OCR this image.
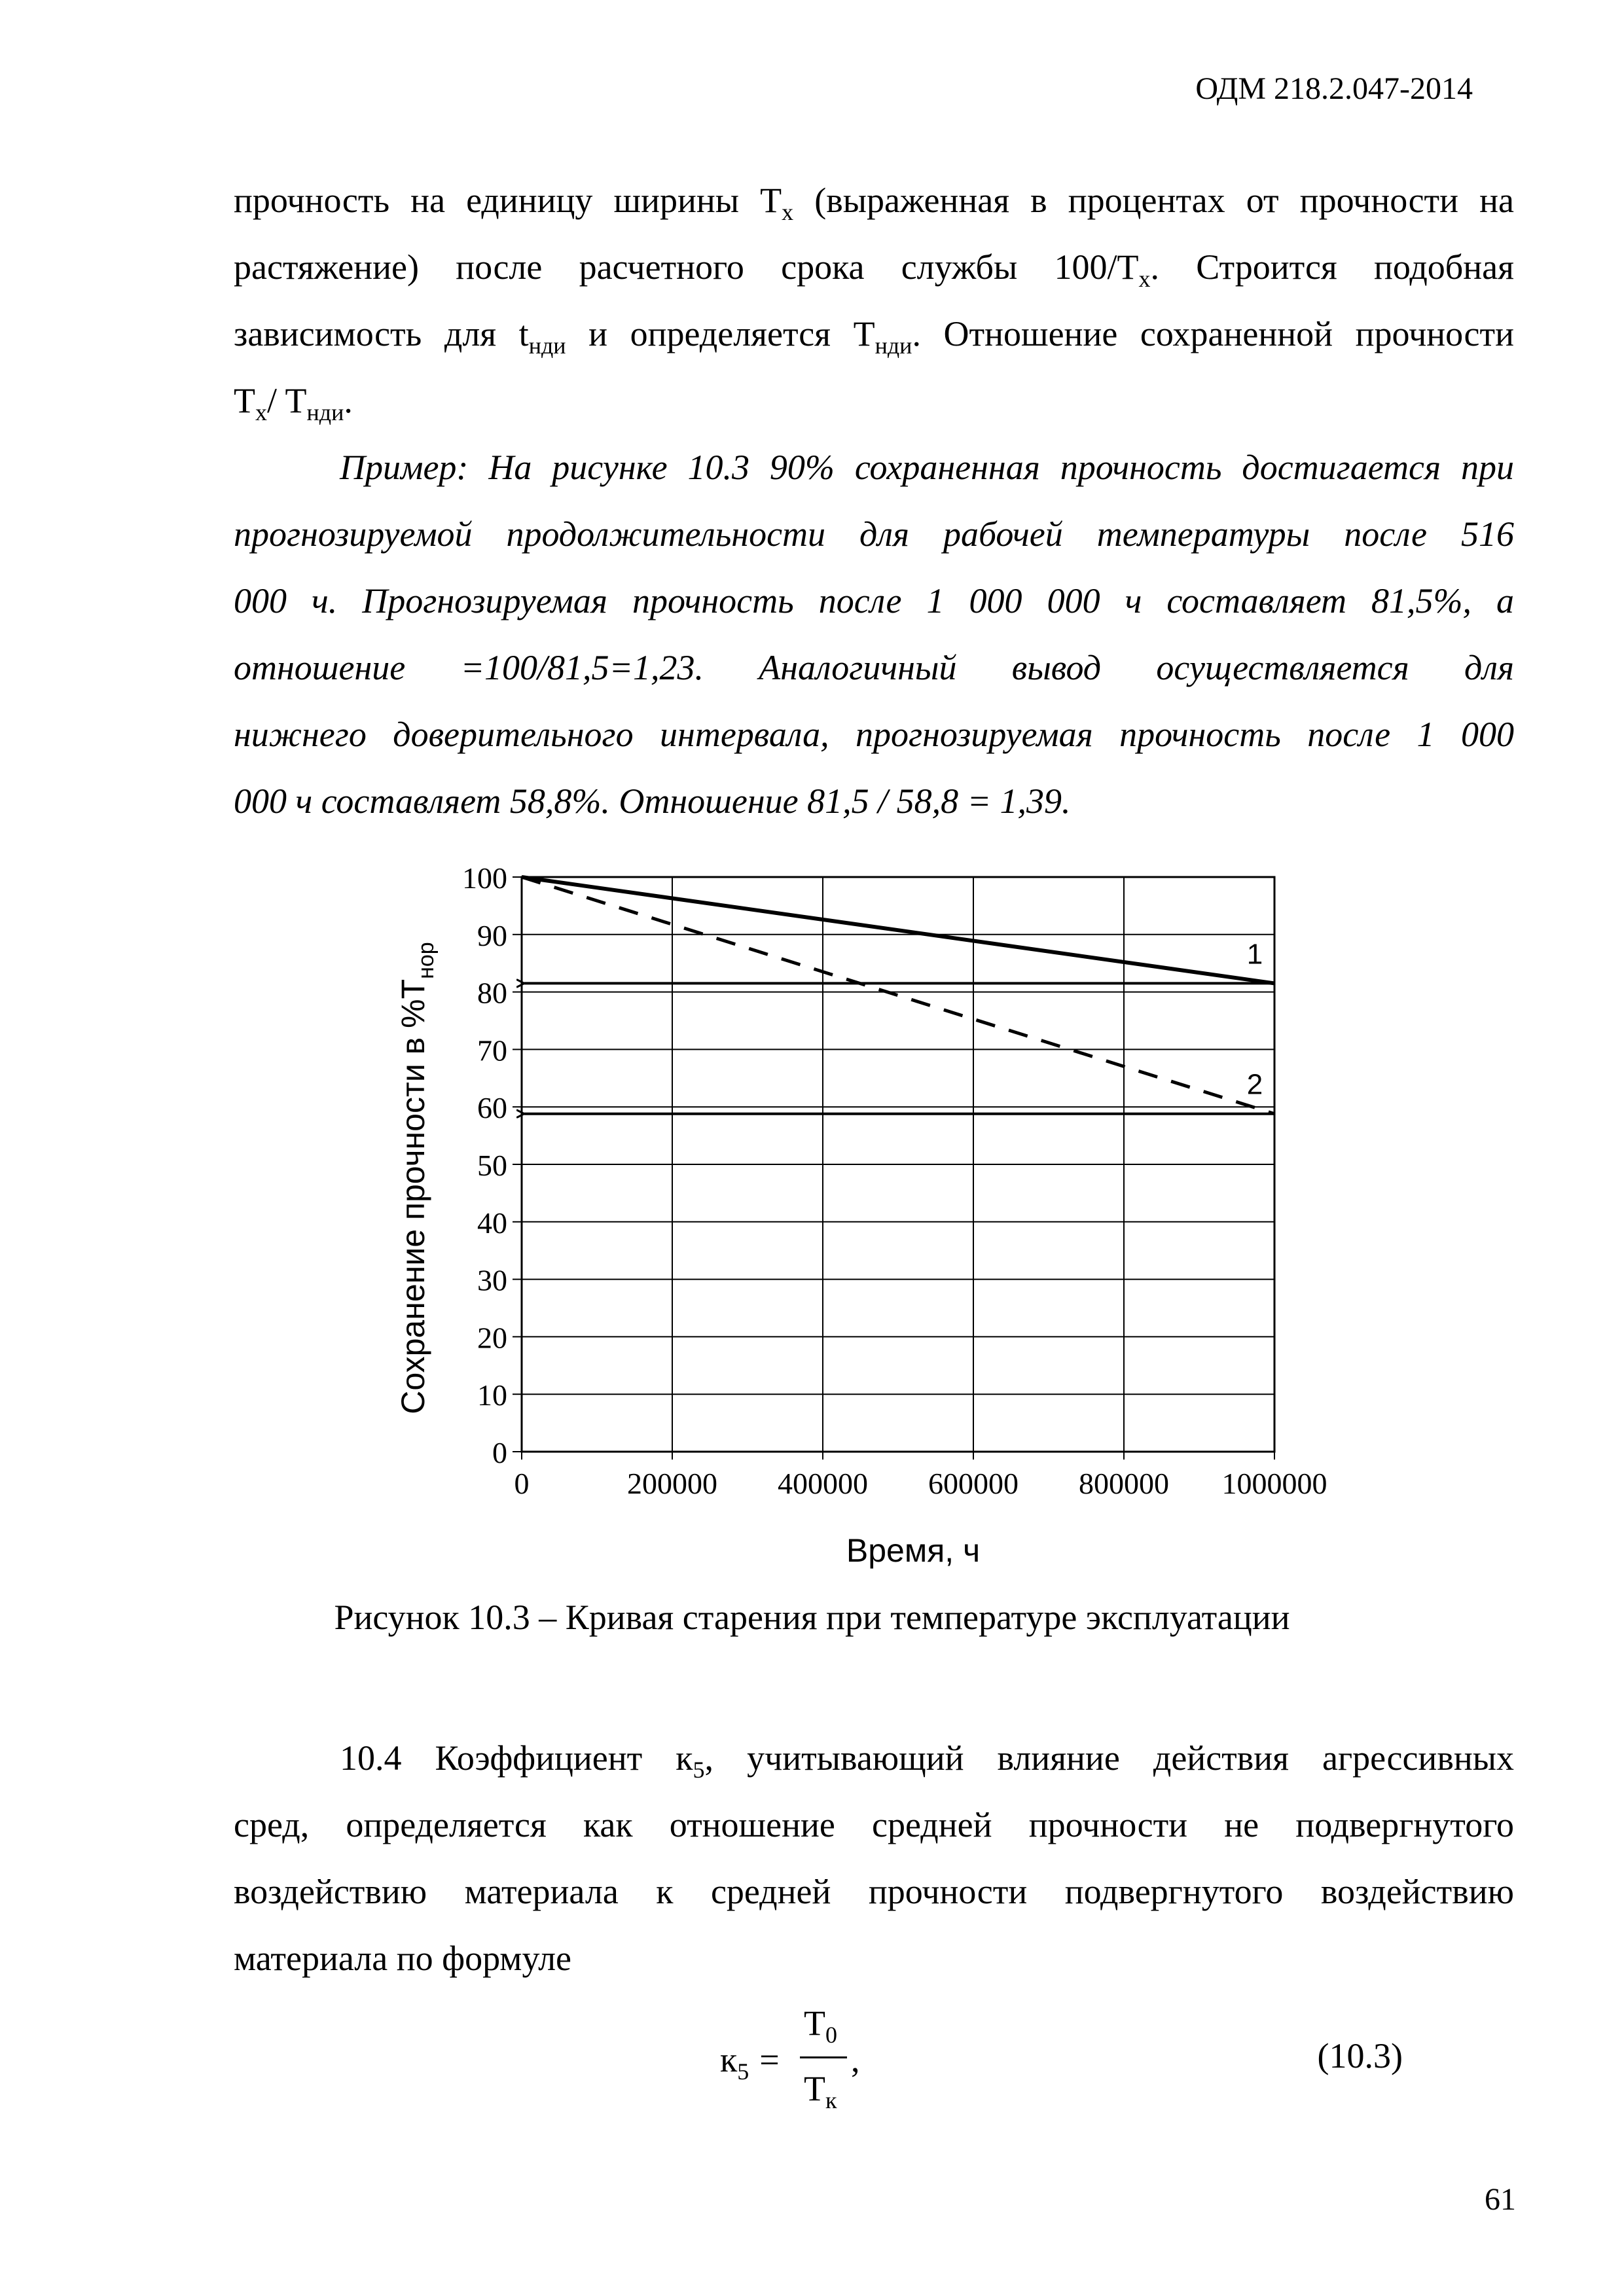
ОДМ 218.2.047-2014

прочность на единицу ширины $T_x$ (выраженная в процентах от прочности на
растяжение) после расчетного срока службы $100/T_x$. Строится подобная
зависимость для $t_{нди}$ и определяется $T_{нди}$. Отношение сохраненной прочности
$T_x/$ $T_{нди}$.

Пример: На рисунке 10.3 90% сохраненная прочность достигается при
прогнозируемой продолжительности для рабочей температуры после 516
000 ч. Прогнозируемая прочность после 1 000 000 ч составляет 81,5%, а
отношение =100/81,5=1,23. Аналогичный вывод осуществляется для
нижнего доверительного интервала, прогнозируемая прочность после 1 000
000 ч составляет 58,8%. Отношение 81,5 / 58,8 = 1,39.

1
2
0
10
20
30
40
50
60
70
80
90
100
0	200000 400000 600000 800000 1000000
Сохранение прочности в $\%T_{нор}$
Время, ч
Рисунок 10.3 – Кривая старения при температуре эксплуатации

10.4 Коэффициент $к_5$, учитывающий влияние действия агрессивных
сред, определяется как отношение средней прочности не подвергнутого
воздействию материала к средней прочности подвергнутого воздействию
материала по формуле

$к_5$ =
$T_0$
$T_к$
,	(10.3)
61
